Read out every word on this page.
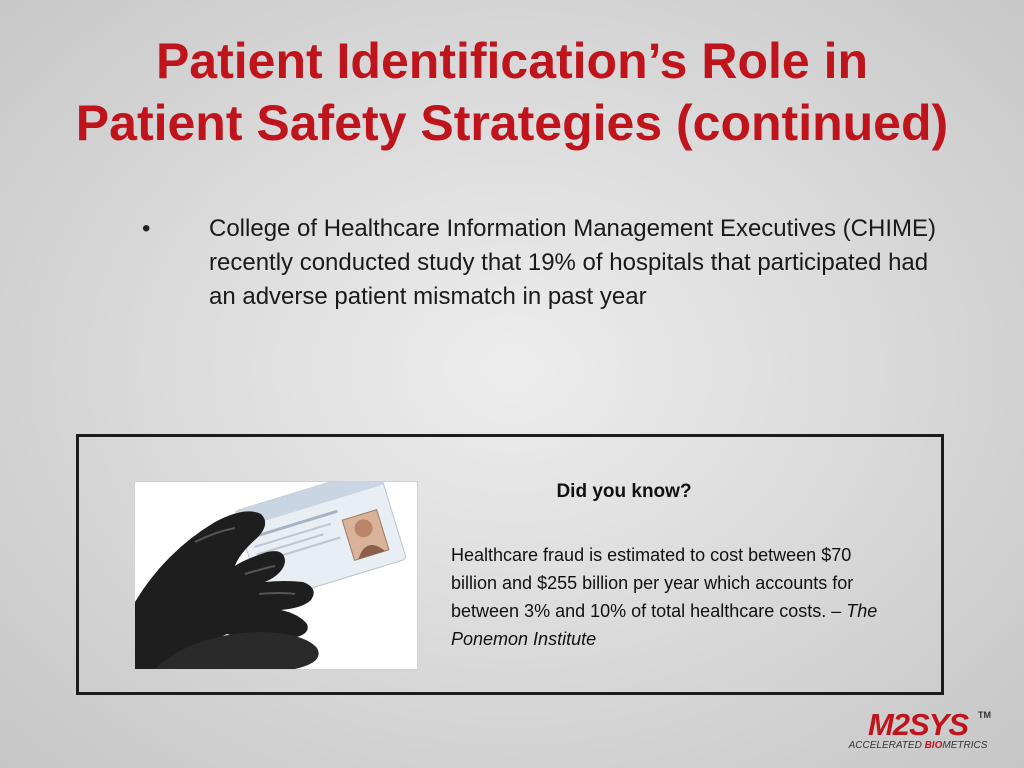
Patient Identification’s Role in
Patient Safety Strategies (continued)
•	College of Healthcare Information Management Executives (CHIME) recently conducted study that 19% of hospitals that participated had an adverse patient mismatch in past year
Did you know?
Healthcare fraud is estimated to cost between $70 billion and $255 billion per year which accounts for between 3% and 10% of total healthcare costs. – The Ponemon Institute
M2SYS	TM
ACCELERATED BIOMETRICS
